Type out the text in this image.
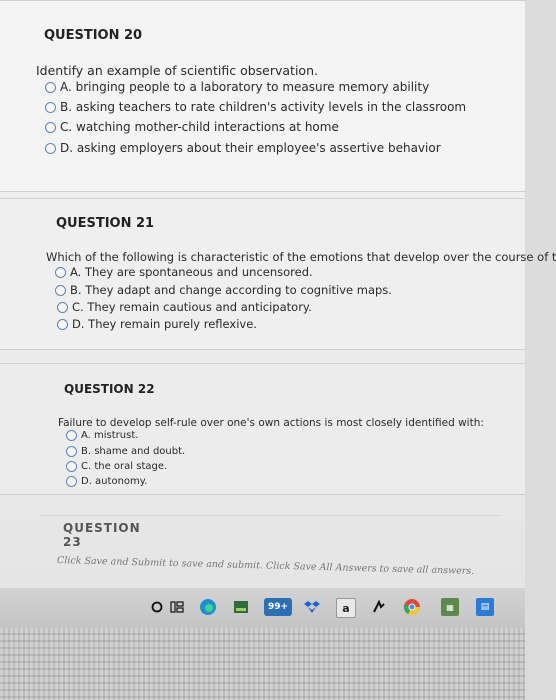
QUESTION 20
Identify an example of scientific observation.
A. bringing people to a laboratory to measure memory ability
B. asking teachers to rate children's activity levels in the classroom
C. watching mother-child interactions at home
D. asking employers about their employee's assertive behavior
QUESTION 21
Which of the following is characteristic of the emotions that develop over the course of t
A. They are spontaneous and uncensored.
B. They adapt and change according to cognitive maps.
C. They remain cautious and anticipatory.
D. They remain purely reflexive.
QUESTION 22
Failure to develop self-rule over one's own actions is most closely identified with:
A. mistrust.
B. shame and doubt.
C. the oral stage.
D. autonomy.
QUESTION 23
Click Save and Submit to save and submit. Click Save All Answers to save all answers.
99+	a	▦	▤
